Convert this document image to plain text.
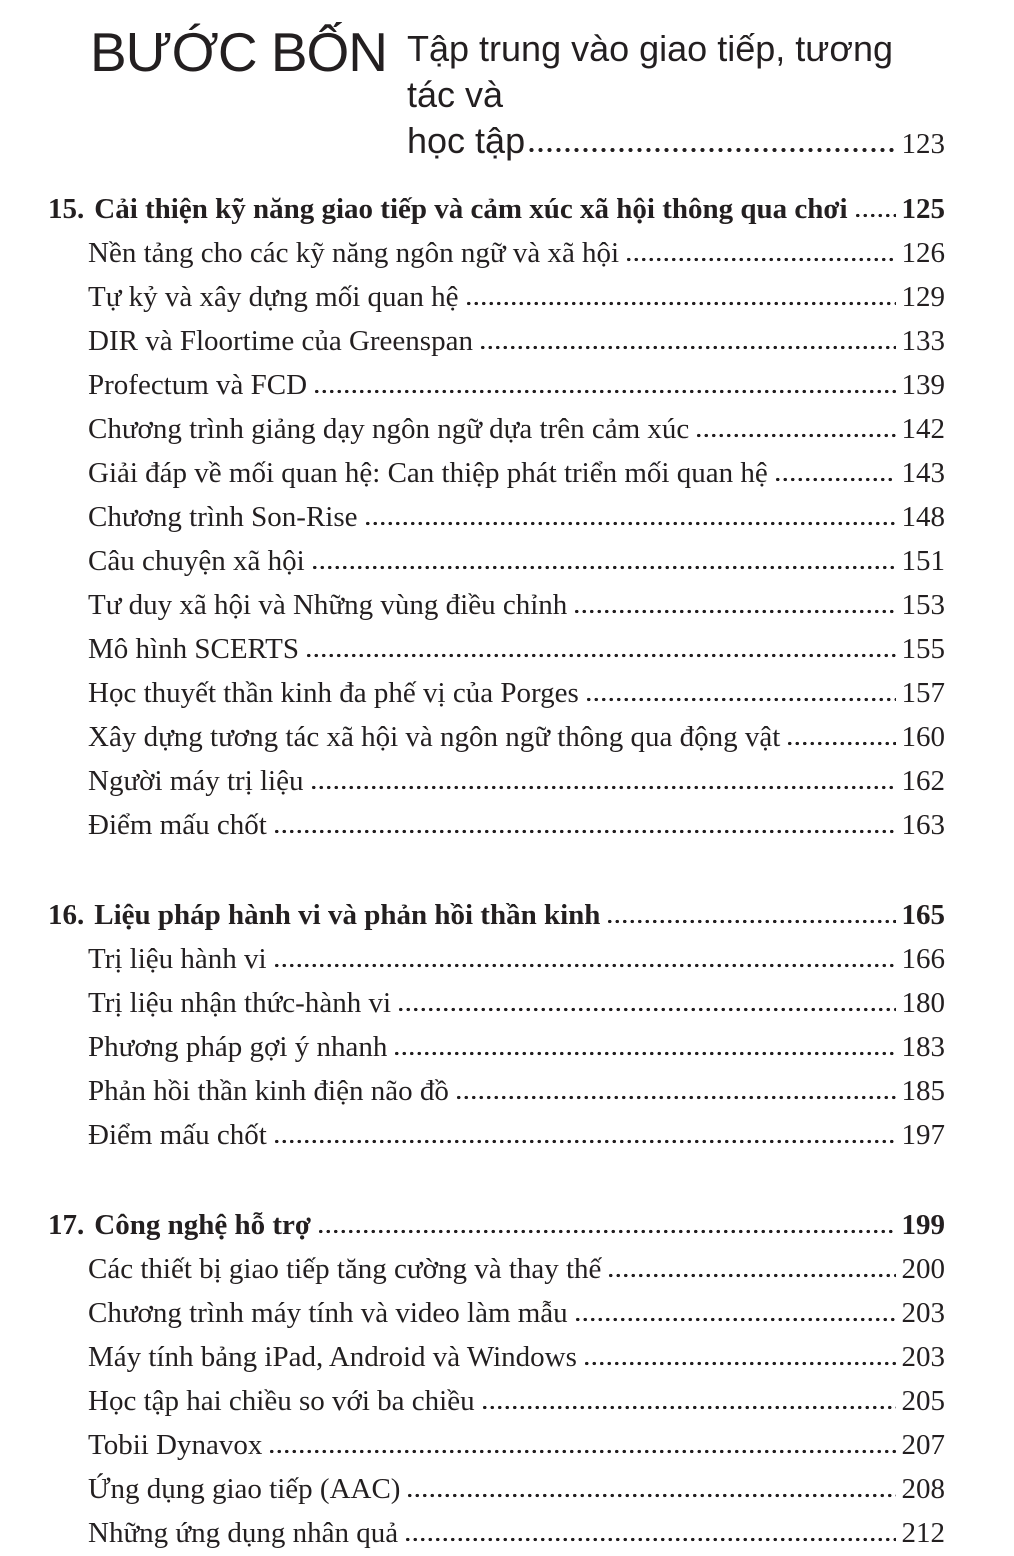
BƯỚC BỐN Tập trung vào giao tiếp, tương tác và
học tập	123
15. Cải thiện kỹ năng giao tiếp và cảm xúc xã hội thông qua chơi 125
Nền tảng cho các kỹ năng ngôn ngữ và xã hội	126
Tự kỷ và xây dựng mối quan hệ	129
DIR và Floortime của Greenspan	133
Profectum và FCD	139
Chương trình giảng dạy ngôn ngữ dựa trên cảm xúc	142
Giải đáp về mối quan hệ: Can thiệp phát triển mối quan hệ	143
Chương trình Son-Rise	148
Câu chuyện xã hội	151
Tư duy xã hội và Những vùng điều chỉnh	153
Mô hình SCERTS	155
Học thuyết thần kinh đa phế vị của Porges	157
Xây dựng tương tác xã hội và ngôn ngữ thông qua động vật	160
Người máy trị liệu	162
Điểm mấu chốt	163
16. Liệu pháp hành vi và phản hồi thần kinh	165
Trị liệu hành vi	166
Trị liệu nhận thức-hành vi	180
Phương pháp gợi ý nhanh	183
Phản hồi thần kinh điện não đồ	185
Điểm mấu chốt	197
17. Công nghệ hỗ trợ	199
Các thiết bị giao tiếp tăng cường và thay thế	200
Chương trình máy tính và video làm mẫu	203
Máy tính bảng iPad, Android và Windows	203
Học tập hai chiều so với ba chiều	205
Tobii Dynavox	207
Ứng dụng giao tiếp (AAC)	208
Những ứng dụng nhân quả	212
